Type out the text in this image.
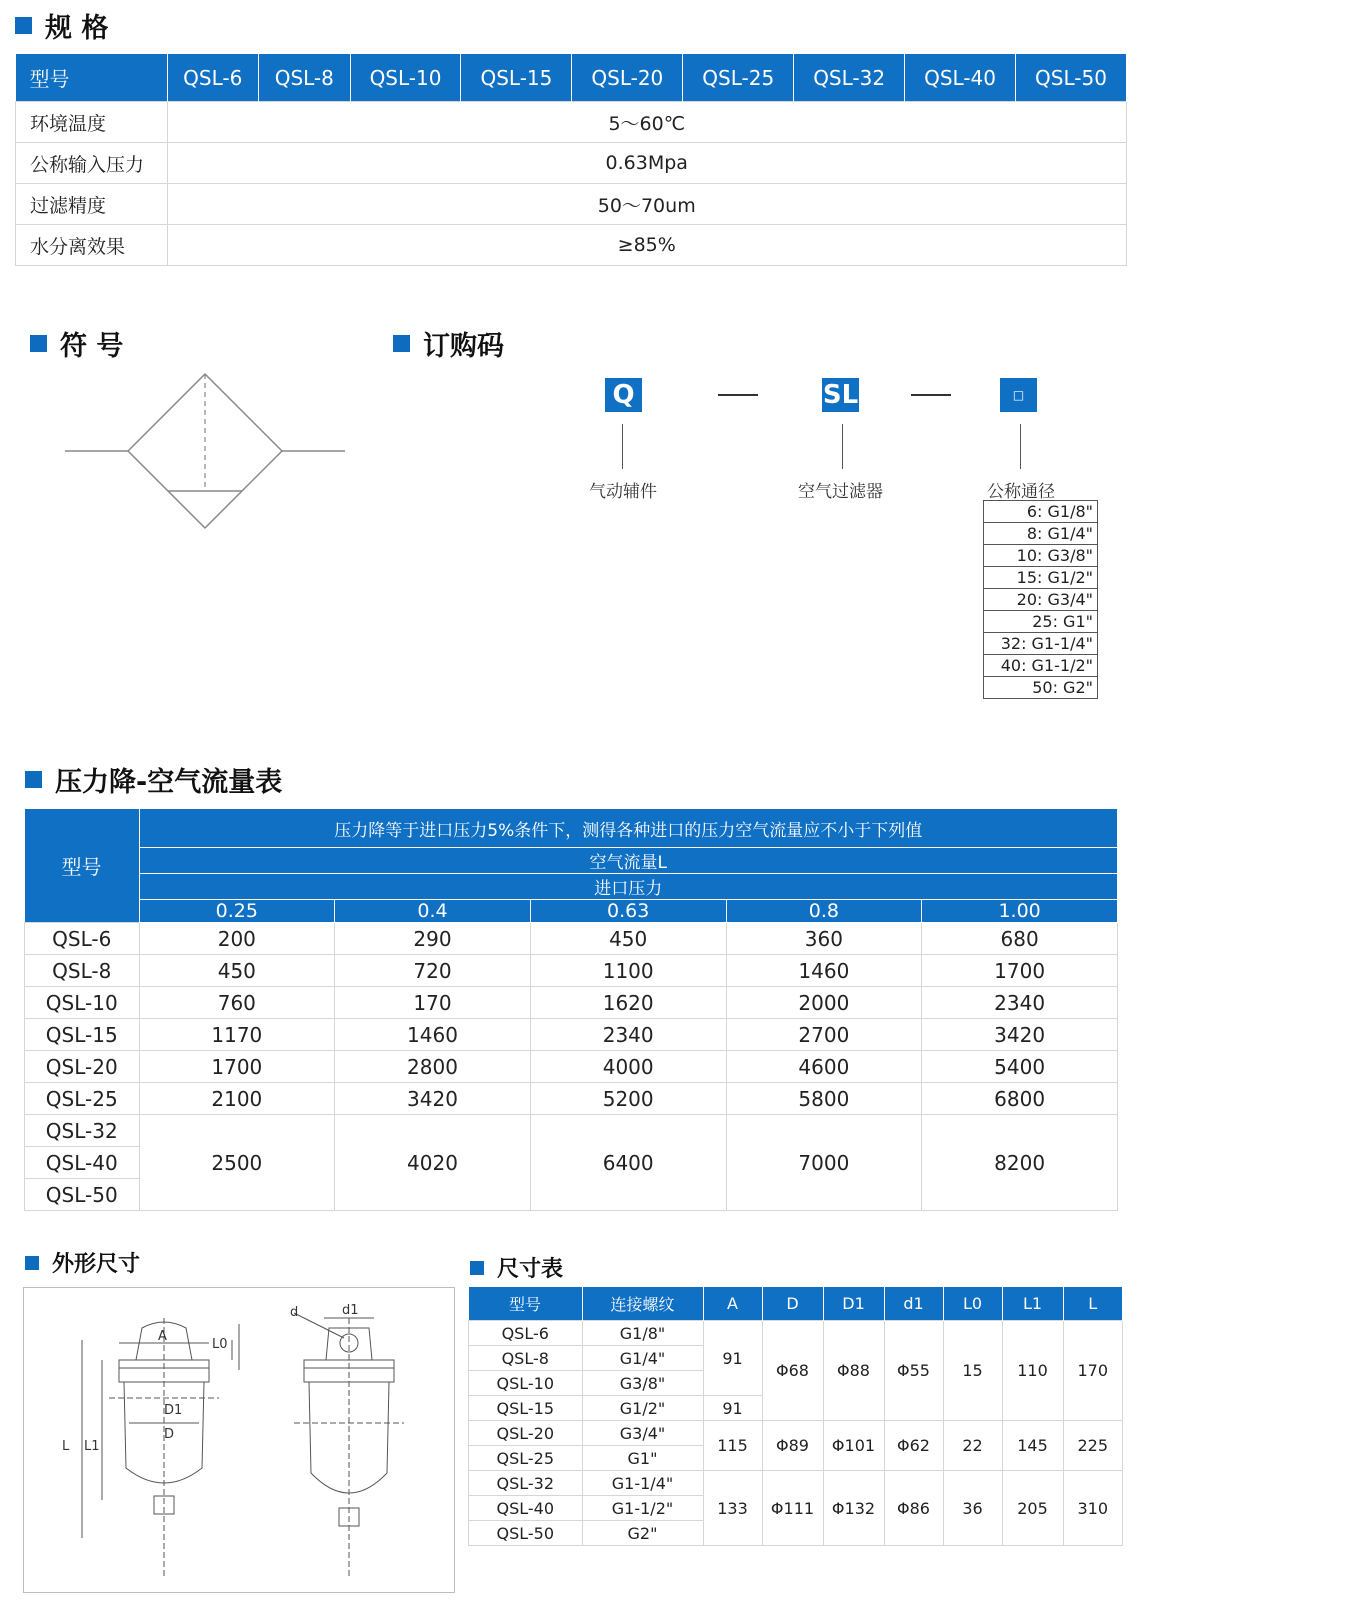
规 格
型号	QSL-6	QSL-8	QSL-10	QSL-15	QSL-20	QSL-25	QSL-32	QSL-40	QSL-50
环境温度	5～60℃								
公称输入压力	0.63Mpa								
过滤精度	50～70um								
水分离效果	≥85%								
符 号	订购码
Q	SL	□
气动辅件	空气过滤器	公称通径
6: G1/8"
8: G1/4"
10: G3/8"
15: G1/2"
20: G3/4"
25: G1"
32: G1-1/4"
40: G1-1/2"
50: G2"
压力降-空气流量表
型号	压力降等于进口压力5%条件下，测得各种进口的压力空气流量应不小于下列值				
	空气流量L				
	进口压力				
	0.25	0.4	0.63	0.8	1.00
QSL-6	200	290	450	360	680
QSL-8	450	720	1100	1460	1700
QSL-10	760	170	1620	2000	2340
QSL-15	1170	1460	2340	2700	3420
QSL-20	1700	2800	4000	4600	5400
QSL-25	2100	3420	5200	5800	6800
QSL-32	2500	4020	6400	7000	8200
QSL-40					
QSL-50					
外形尺寸
A
D1
D
L L1
L0
d	d1
尺寸表
型号	连接螺纹	A	D	D1	d1	L0	L1	L
QSL-6	G1/8"	91	Φ68	Φ88	Φ55	15	110	170
QSL-8	G1/4"							
QSL-10	G3/8"							
QSL-15	G1/2"	91						
QSL-20	G3/4"	115	Φ89	Φ101	Φ62	22	145	225
QSL-25	G1"							
QSL-32	G1-1/4"	133	Φ111	Φ132	Φ86	36	205	310
QSL-40	G1-1/2"							
QSL-50	G2"							
